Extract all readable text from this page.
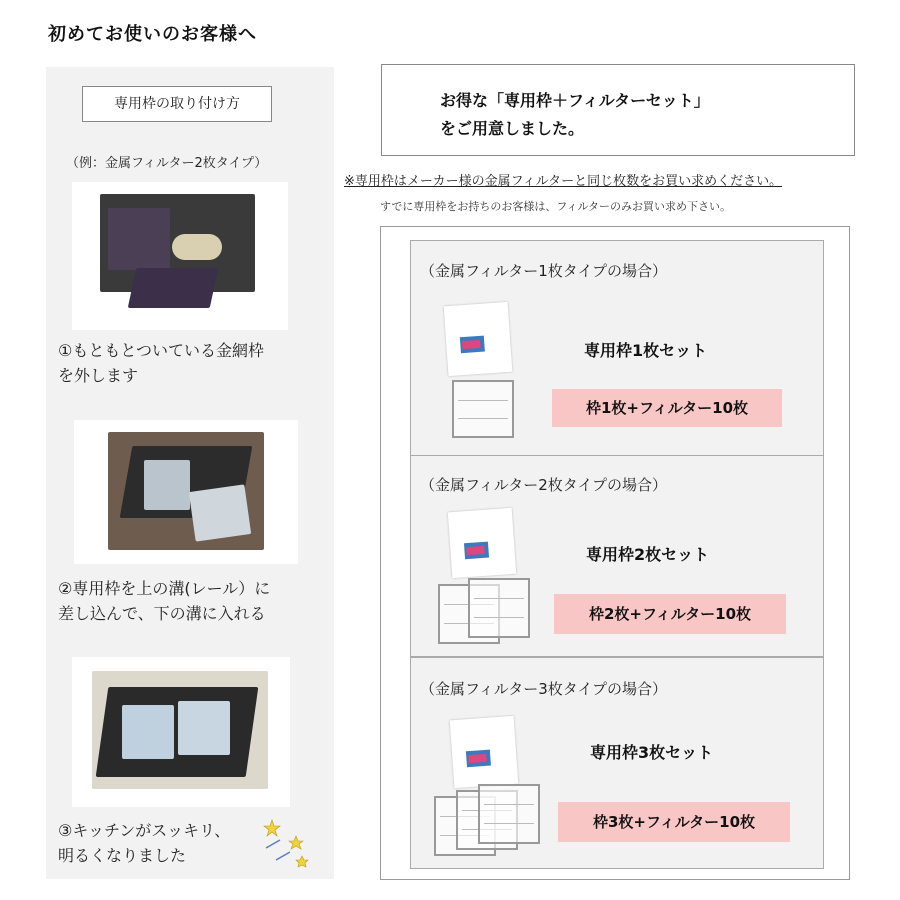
初めてお使いのお客様へ
専用枠の取り付け方
（例：金属フィルター2枚タイプ）
①もともとついている金網枠
を外します
②専用枠を上の溝(レール）に
差し込んで、下の溝に入れる
③キッチンがスッキリ、
明るくなりました
お得な「専用枠＋フィルターセット」
をご用意しました。
※専用枠はメーカー様の金属フィルターと同じ枚数をお買い求めください。
すでに専用枠をお持ちのお客様は、フィルターのみお買い求め下さい。
（金属フィルター1枚タイプの場合）
専用枠1枚セット
枠1枚+フィルター10枚
（金属フィルター2枚タイプの場合）
専用枠2枚セット
枠2枚+フィルター10枚
（金属フィルター3枚タイプの場合）
専用枠3枚セット
枠3枚+フィルター10枚
